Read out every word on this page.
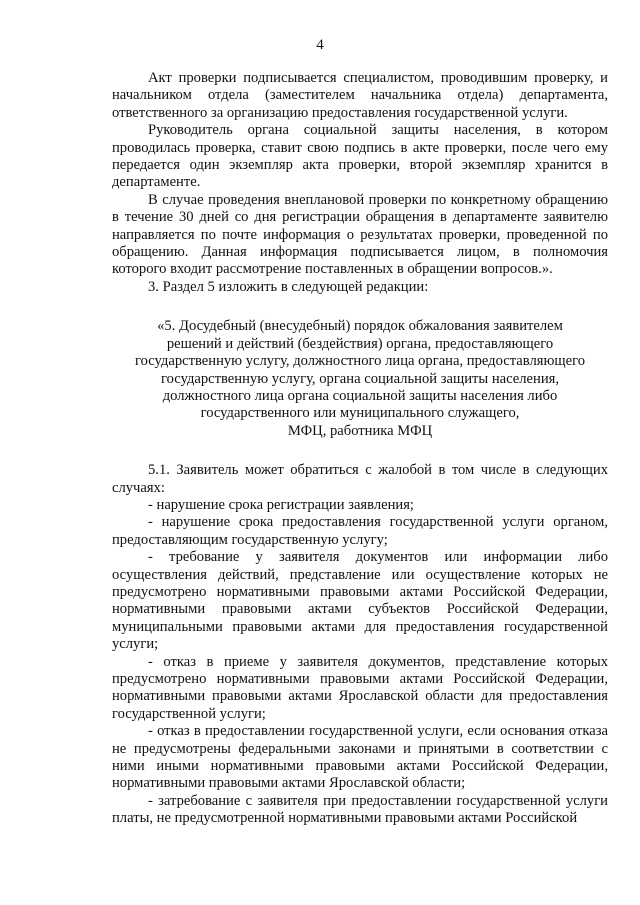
4

Акт проверки подписывается специалистом, проводившим проверку, и начальником отдела (заместителем начальника отдела) департамента, ответственного за организацию предоставления государственной услуги.

Руководитель органа социальной защиты населения, в котором проводилась проверка, ставит свою подпись в акте проверки, после чего ему передается один экземпляр акта проверки, второй экземпляр хранится в департаменте.

В случае проведения внеплановой проверки по конкретному обращению в течение 30 дней со дня регистрации обращения в департаменте заявителю направляется по почте информация о результатах проверки, проведенной по обращению. Данная информация подписывается лицом, в полномочия которого входит рассмотрение поставленных в обращении вопросов.».

3. Раздел 5 изложить в следующей редакции:

«5. Досудебный (внесудебный) порядок обжалования заявителем
решений и действий (бездействия) органа, предоставляющего
государственную услугу, должностного лица органа, предоставляющего
государственную услугу, органа социальной защиты населения,
должностного лица органа социальной защиты населения либо
государственного или муниципального служащего,
МФЦ, работника МФЦ

5.1. Заявитель может обратиться с жалобой в том числе в следующих случаях:

- нарушение срока регистрации заявления;

- нарушение срока предоставления государственной услуги органом, предоставляющим государственную услугу;

- требование у заявителя документов или информации либо осуществления действий, представление или осуществление которых не предусмотрено нормативными правовыми актами Российской Федерации, нормативными правовыми актами субъектов Российской Федерации, муниципальными правовыми актами для предоставления государственной услуги;

- отказ в приеме у заявителя документов, представление которых предусмотрено нормативными правовыми актами Российской Федерации, нормативными правовыми актами Ярославской области для предоставления государственной услуги;

- отказ в предоставлении государственной услуги, если основания отказа не предусмотрены федеральными законами и принятыми в соответствии с ними иными нормативными правовыми актами Российской Федерации, нормативными правовыми актами Ярославской области;

- затребование с заявителя при предоставлении государственной услуги платы, не предусмотренной нормативными правовыми актами Российской
